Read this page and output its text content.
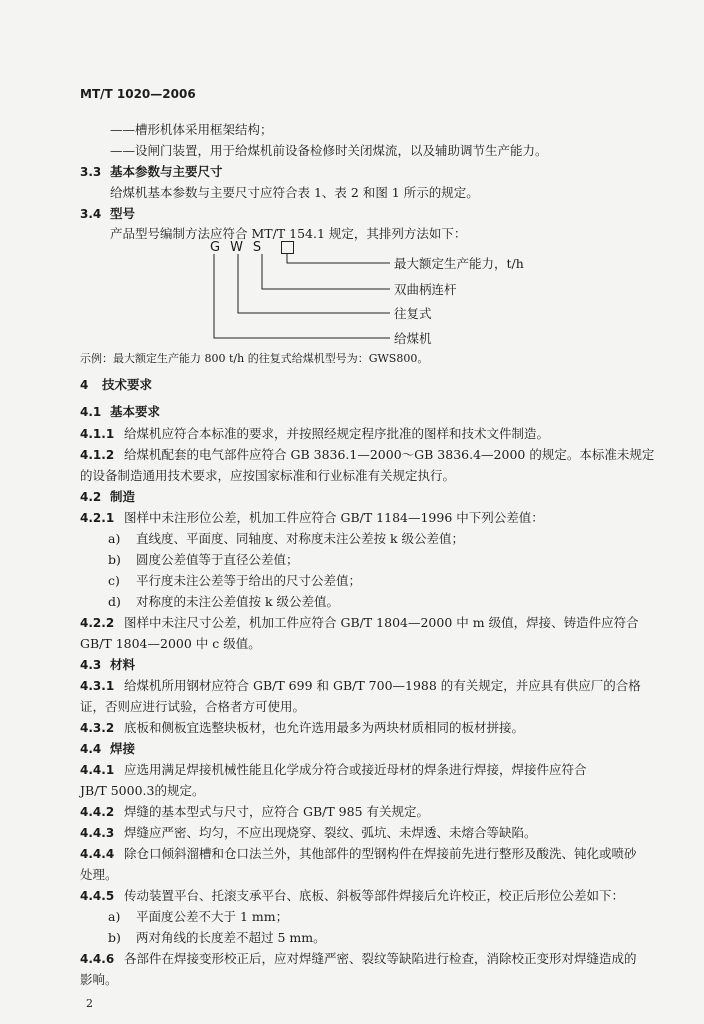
MT/T 1020—2006
——槽形机体采用框架结构；
——设闸门装置，用于给煤机前设备检修时关闭煤流，以及辅助调节生产能力。
3.3 基本参数与主要尺寸
给煤机基本参数与主要尺寸应符合表 1、表 2 和图 1 所示的规定。
3.4 型号
产品型号编制方法应符合 MT/T 154.1 规定，其排列方法如下：
GWS
最大额定生产能力，t/h
双曲柄连杆
往复式
给煤机
示例：最大额定生产能力 800 t/h 的往复式给煤机型号为：GWS800。
4 技术要求
4.1 基本要求
4.1.1 给煤机应符合本标准的要求，并按照经规定程序批准的图样和技术文件制造。
4.1.2 给煤机配套的电气部件应符合 GB 3836.1—2000～GB 3836.4—2000 的规定。本标准未规定
的设备制造通用技术要求，应按国家标准和行业标准有关规定执行。
4.2 制造
4.2.1 图样中未注形位公差，机加工件应符合 GB/T 1184—1996 中下列公差值：
a) 直线度、平面度、同轴度、对称度未注公差按 k 级公差值；
b) 圆度公差值等于直径公差值；
c) 平行度未注公差等于给出的尺寸公差值；
d) 对称度的未注公差值按 k 级公差值。
4.2.2 图样中未注尺寸公差，机加工件应符合 GB/T 1804—2000 中 m 级值，焊接、铸造件应符合
GB/T 1804—2000 中 c 级值。
4.3 材料
4.3.1 给煤机所用钢材应符合 GB/T 699 和 GB/T 700—1988 的有关规定，并应具有供应厂的合格
证，否则应进行试验，合格者方可使用。
4.3.2 底板和侧板宜选整块板材，也允许选用最多为两块材质相同的板材拼接。
4.4 焊接
4.4.1 应选用满足焊接机械性能且化学成分符合或接近母材的焊条进行焊接，焊接件应符合
JB/T 5000.3的规定。
4.4.2 焊缝的基本型式与尺寸，应符合 GB/T 985 有关规定。
4.4.3 焊缝应严密、均匀，不应出现烧穿、裂纹、弧坑、未焊透、未熔合等缺陷。
4.4.4 除仓口倾斜溜槽和仓口法兰外，其他部件的型钢构件在焊接前先进行整形及酸洗、钝化或喷砂
处理。
4.4.5 传动装置平台、托滚支承平台、底板、斜板等部件焊接后允许校正，校正后形位公差如下：
a) 平面度公差不大于 1 mm；
b) 两对角线的长度差不超过 5 mm。
4.4.6 各部件在焊接变形校正后，应对焊缝严密、裂纹等缺陷进行检查，消除校正变形对焊缝造成的
影响。
2
